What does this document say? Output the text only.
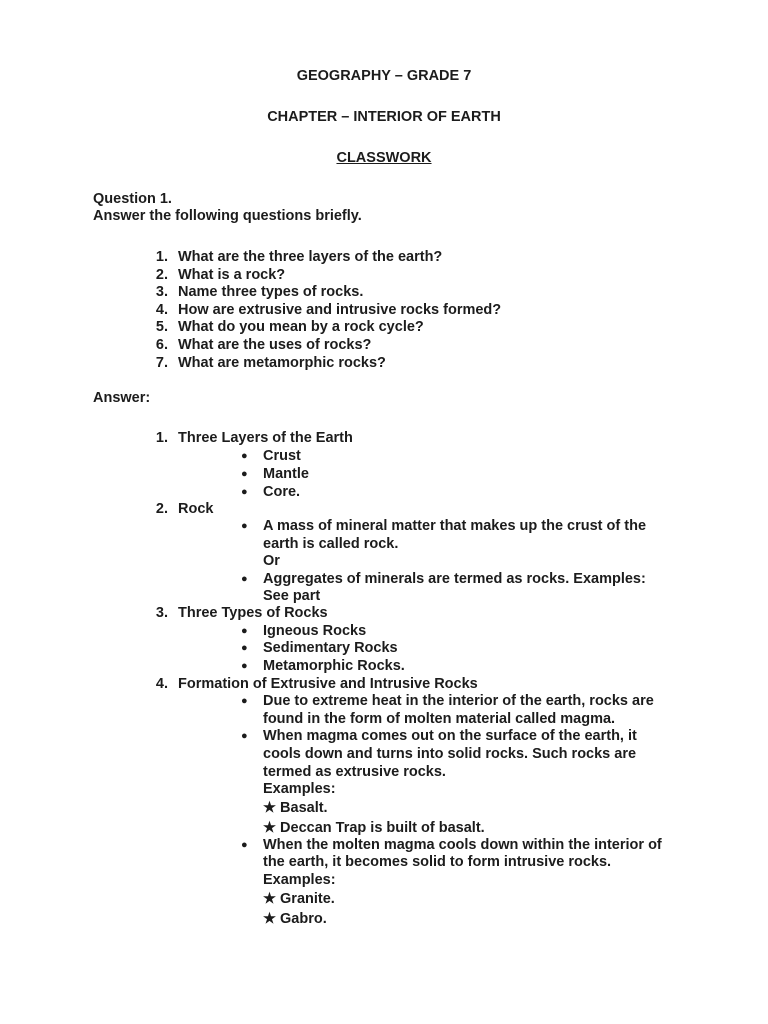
GEOGRAPHY – GRADE 7
CHAPTER – INTERIOR OF EARTH
CLASSWORK
Question 1.
Answer the following questions briefly.
1. What are the three layers of the earth?
2. What is a rock?
3. Name three types of rocks.
4. How are extrusive and intrusive rocks formed?
5. What do you mean by a rock cycle?
6. What are the uses of rocks?
7. What are metamorphic rocks?
Answer:
1. Three Layers of the Earth
● Crust
● Mantle
● Core.
2. Rock
● A mass of mineral matter that makes up the crust of the
earth is called rock.
Or
● Aggregates of minerals are termed as rocks. Examples:
See part
3. Three Types of Rocks
● Igneous Rocks
● Sedimentary Rocks
● Metamorphic Rocks.
4. Formation of Extrusive and Intrusive Rocks
● Due to extreme heat in the interior of the earth, rocks are
found in the form of molten material called magma.
● When magma comes out on the surface of the earth, it
cools down and turns into solid rocks. Such rocks are
termed as extrusive rocks.
Examples:
★ Basalt.
★ Deccan Trap is built of basalt.
● When the molten magma cools down within the interior of
the earth, it becomes solid to form intrusive rocks.
Examples:
★ Granite.
★ Gabro.
